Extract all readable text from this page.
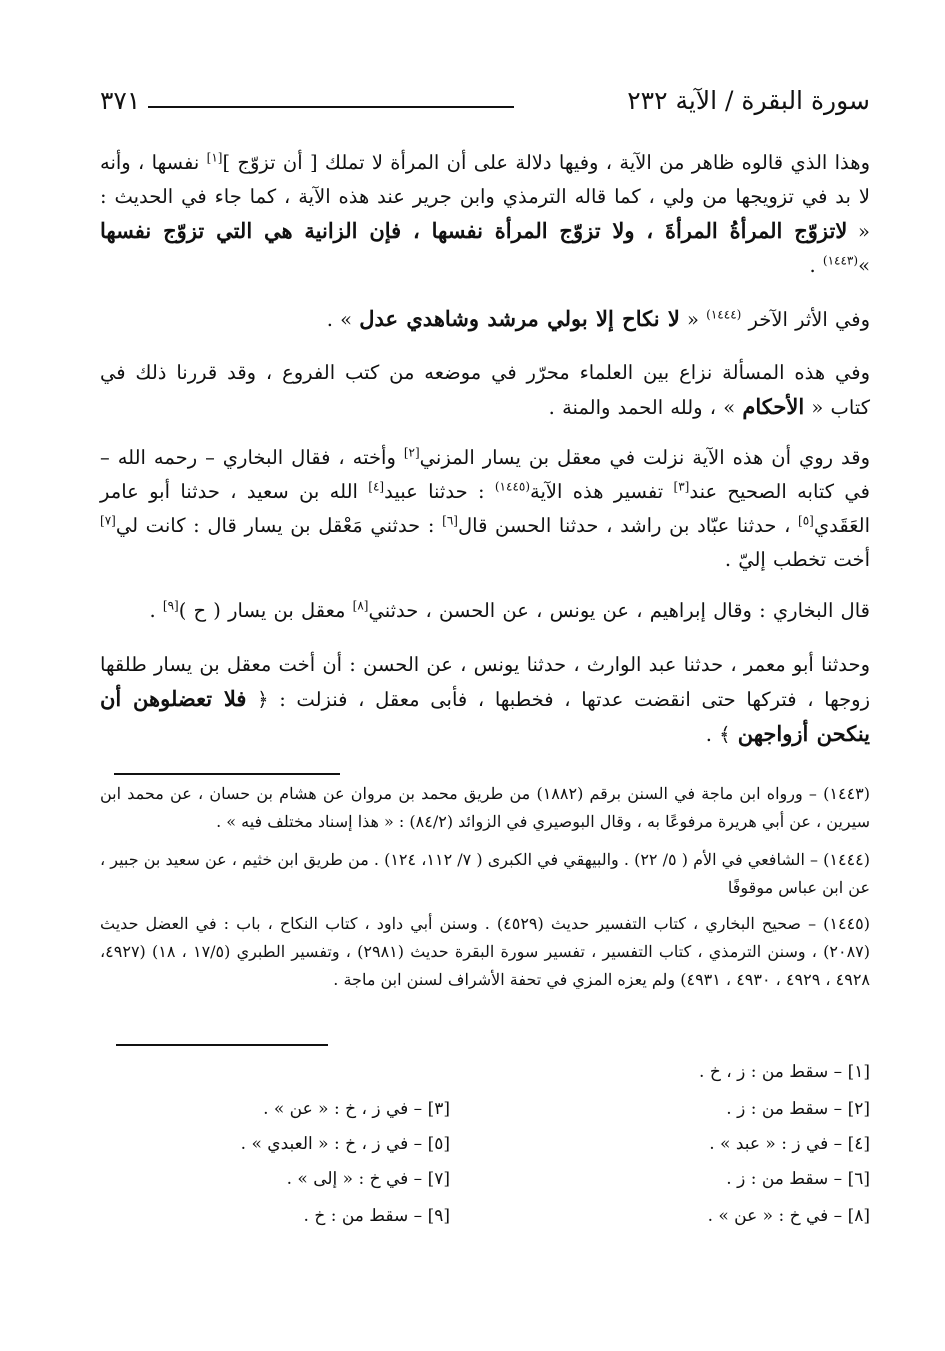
سورة البقرة / الآية ٢٣٢
٣٧١

وهذا الذي قالوه ظاهر من الآية ، وفيها دلالة على أن المرأة لا تملك [ أن تزوّج ][١] نفسها ، وأنه لا بد في تزويجها من ولي ، كما قاله الترمذي وابن جرير عند هذه الآية ، كما جاء في الحديث : « لاتزوّج المرأةُ المرأةَ ، ولا تزوّج المرأة نفسها ، فإن الزانية هي التي تزوّج نفسها »$^{(١٤٤٣)}$ .

وفي الأثر الآخر $^{(١٤٤٤)}$ « لا نكاح إلا بولي مرشد وشاهدي عدل » .

وفي هذه المسألة نزاع بين العلماء محرّر في موضعه من كتب الفروع ، وقد قررنا ذلك في كتاب « الأحكام » ، ولله الحمد والمنة .

وقد روي أن هذه الآية نزلت في معقل بن يسار المزني[٢] وأخته ، فقال البخاري – رحمه الله – في كتابه الصحيح عند[٣] تفسير هذه الآية$^{(١٤٤٥)}$ : حدثنا عبيد[٤] الله بن سعيد ، حدثنا أبو عامر العَقَدي[٥] ، حدثنا عبّاد بن راشد ، حدثنا الحسن قال[٦] : حدثني مَعْقل بن يسار قال : كانت لي[٧] أخت تخطب إليّ .

قال البخاري : وقال إبراهيم ، عن يونس ، عن الحسن ، حدثني[٨] معقل بن يسار ( ح )[٩] .

وحدثنا أبو معمر ، حدثنا عبد الوارث ، حدثنا يونس ، عن الحسن : أن أخت معقل بن يسار طلقها زوجها ، فتركها حتى انقضت عدتها ، فخطبها ، فأبى معقل ، فنزلت : ﴿ فلا تعضلوهن أن ينكحن أزواجهن ﴾ .

(١٤٤٣) – ورواه ابن ماجة في السنن برقم (١٨٨٢) من طريق محمد بن مروان عن هشام بن حسان ، عن محمد ابن سيرين ، عن أبي هريرة مرفوعًا به ، وقال البوصيري في الزوائد (٨٤/٢) : « هذا إسناد مختلف فيه » .

(١٤٤٤) – الشافعي في الأم ( ٥/ ٢٢) . والبيهقي في الكبرى ( ٧/ ١١٢، ١٢٤) . من طريق ابن خثيم ، عن سعيد بن جبير ، عن ابن عباس موقوفًا

(١٤٤٥) – صحيح البخاري ، كتاب التفسير حديث (٤٥٢٩) . وسنن أبي داود ، كتاب النكاح ، باب : في العضل حديث (٢٠٨٧) ، وسنن الترمذي ، كتاب التفسير ، تفسير سورة البقرة حديث (٢٩٨١) ، وتفسير الطبري (١٧/٥ ، ١٨) (٤٩٢٧، ٤٩٢٨ ، ٤٩٢٩ ، ٤٩٣٠ ، ٤٩٣١) ولم يعزه المزي في تحفة الأشراف لسنن ابن ماجة .

[١] – سقط من : ز ، خ .
[٢] – سقط من : ز .
[٣] – في ز ، خ : « عن » .
[٤] – في ز : « عبد » .
[٥] – في ز ، خ : « العبدي » .
[٦] – سقط من : ز .
[٧] – في خ : « إلى » .
[٨] – في خ : « عن » .
[٩] – سقط من : خ .
